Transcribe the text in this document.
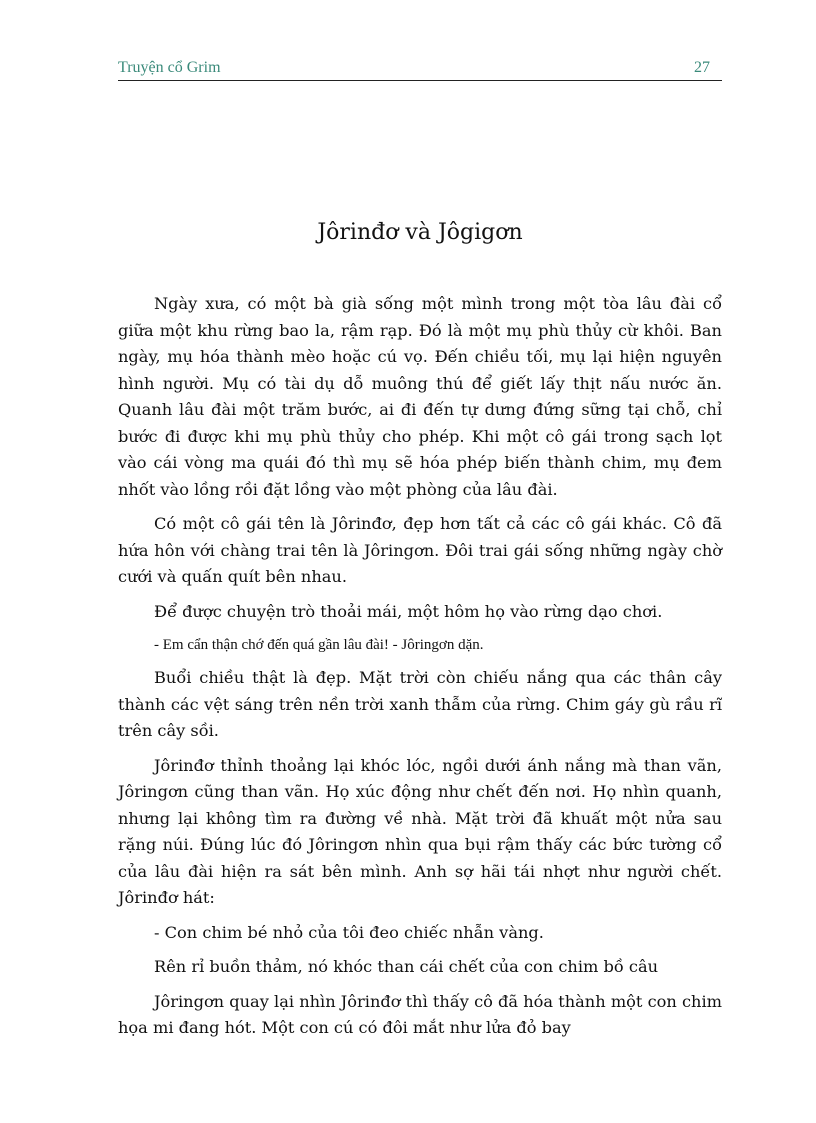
Truyện cổ Grim	27
Jôrinđơ và Jôgigơn

Ngày xưa, có một bà già sống một mình trong một tòa lâu đài cổ giữa một khu rừng bao la, rậm rạp. Đó là một mụ phù thủy cừ khôi. Ban ngày, mụ hóa thành mèo hoặc cú vọ. Đến chiều tối, mụ lại hiện nguyên hình người. Mụ có tài dụ dỗ muông thú để giết lấy thịt nấu nước ăn. Quanh lâu đài một trăm bước, ai đi đến tự dưng đứng sững tại chỗ, chỉ bước đi được khi mụ phù thủy cho phép. Khi một cô gái trong sạch lọt vào cái vòng ma quái đó thì mụ sẽ hóa phép biến thành chim, mụ đem nhốt vào lồng rồi đặt lồng vào một phòng của lâu đài.

Có một cô gái tên là Jôrinđơ, đẹp hơn tất cả các cô gái khác. Cô đã hứa hôn với chàng trai tên là Jôringơn. Đôi trai gái sống những ngày chờ cưới và quấn quít bên nhau.

Để được chuyện trò thoải mái, một hôm họ vào rừng dạo chơi.

- Em cẩn thận chớ đến quá gần lâu đài! - Jôringơn dặn.

Buổi chiều thật là đẹp. Mặt trời còn chiếu nắng qua các thân cây thành các vệt sáng trên nền trời xanh thẫm của rừng. Chim gáy gù rầu rĩ trên cây sồi.

Jôrinđơ thỉnh thoảng lại khóc lóc, ngồi dưới ánh nắng mà than vãn, Jôringơn cũng than vãn. Họ xúc động như chết đến nơi. Họ nhìn quanh, nhưng lại không tìm ra đường về nhà. Mặt trời đã khuất một nửa sau rặng núi. Đúng lúc đó Jôringơn nhìn qua bụi rậm thấy các bức tường cổ của lâu đài hiện ra sát bên mình. Anh sợ hãi tái nhợt như người chết. Jôrinđơ hát:

- Con chim bé nhỏ của tôi đeo chiếc nhẫn vàng.

Rên rỉ buồn thảm, nó khóc than cái chết của con chim bồ câu

Jôringơn quay lại nhìn Jôrinđơ thì thấy cô đã hóa thành một con chim họa mi đang hót. Một con cú có đôi mắt như lửa đỏ bay
